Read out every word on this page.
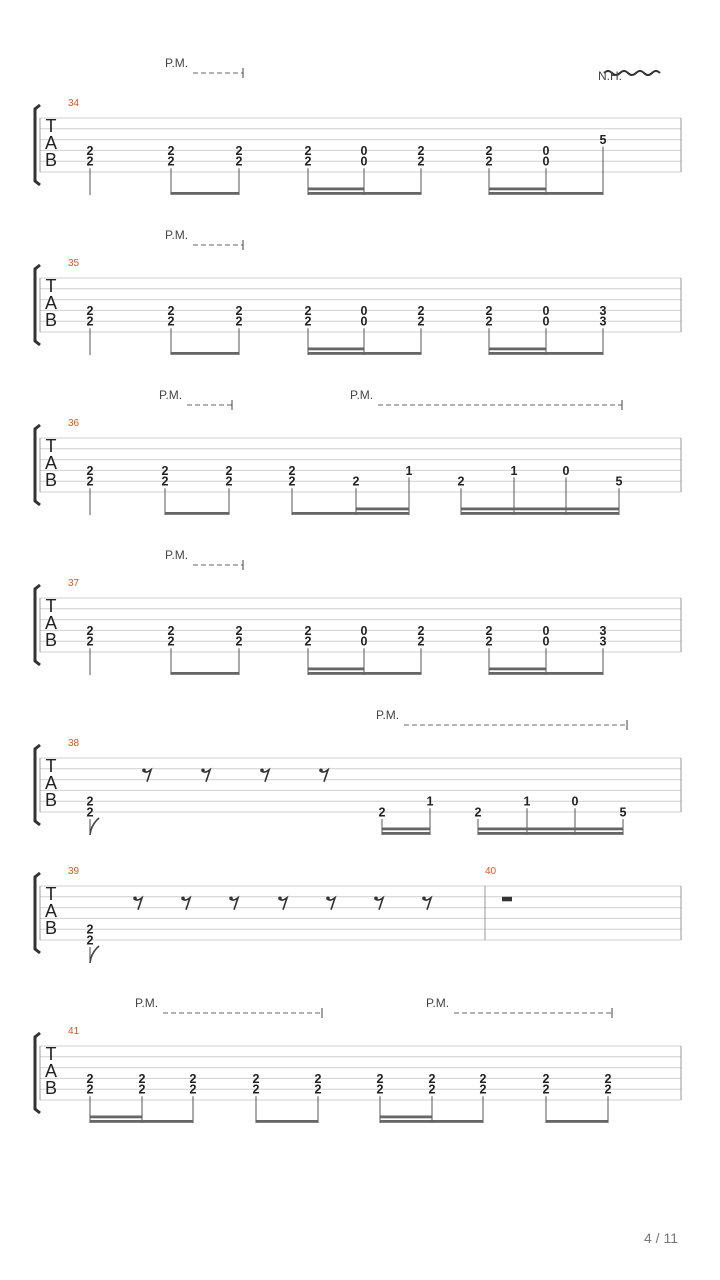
T
A
B
34
P.M.
N.H.
2
2
2
2
2
2
2
2
0
0
2
2
2
2
0
0
5
T
A
B
35
P.M.
2
2
2
2
2
2
2
2
0
0
2
2
2
2
0
0
3
3
T
A
B
36
P.M.	P.M.
2
2
2
2
2
2
2
2	2
1
2
1	0
5
T
A
B
37
P.M.
2
2
2
2
2
2
2
2
0
0
2
2
2
2
0
0
3
3
T
A
B
38
P.M.
2
2	2
1
2
1	0
5
T
A
B
39	40
2
2
T
A
B
41
P.M.	P.M.
2
2
2
2
2
2
2
2
2
2
2
2
2
2
2
2
2
2
2
2
4 / 11
